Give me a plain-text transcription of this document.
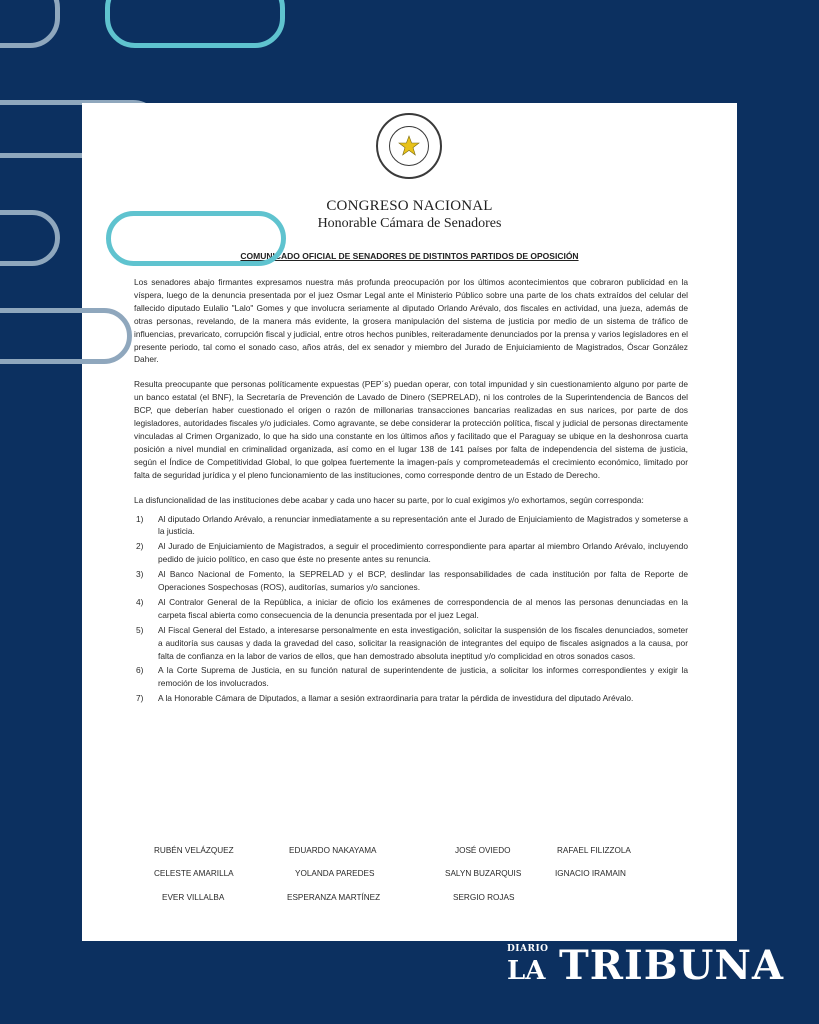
CONGRESO NACIONAL
Honorable Cámara de Senadores
COMUNICADO OFICIAL DE SENADORES DE DISTINTOS PARTIDOS DE OPOSICIÓN

Los senadores abajo firmantes expresamos nuestra más profunda preocupación por los últimos acontecimientos que cobraron publicidad en la víspera, luego de la denuncia presentada por el juez Osmar Legal ante el Ministerio Público sobre una parte de los chats extraídos del celular del fallecido diputado Eulalio "Lalo" Gomes y que involucra seriamente al diputado Orlando Arévalo, dos fiscales en actividad, una jueza, además de otras personas, revelando, de la manera más evidente, la grosera manipulación del sistema de justicia por medio de un sistema de tráfico de influencias, prevaricato, corrupción fiscal y judicial, entre otros hechos punibles, reiteradamente denunciados por la prensa y varios legisladores en el presente periodo, tal como el sonado caso, años atrás, del ex senador y miembro del Jurado de Enjuiciamiento de Magistrados, Óscar González Daher.

Resulta preocupante que personas políticamente expuestas (PEP´s) puedan operar, con total impunidad y sin cuestionamiento alguno por parte de un banco estatal (el BNF), la Secretaría de Prevención de Lavado de Dinero (SEPRELAD), ni los controles de la Superintendencia de Bancos del BCP, que deberían haber cuestionado el origen o razón de millonarias transacciones bancarias realizadas en sus narices, por parte de dos legisladores, autoridades fiscales y/o judiciales. Como agravante, se debe considerar la protección política, fiscal y judicial de personas directamente vinculadas al Crimen Organizado, lo que ha sido una constante en los últimos años y facilitado que el Paraguay se ubique en la deshonrosa cuarta posición a nivel mundial en criminalidad organizada, así como en el lugar 138 de 141 países por falta de independencia del sistema de justicia, según el Índice de Competitividad Global, lo que golpea fuertemente la imagen-país y comprometeademás el crecimiento económico, limitado por falta de seguridad jurídica y el pleno funcionamiento de las instituciones, como corresponde dentro de un Estado de Derecho.

La disfuncionalidad de las instituciones debe acabar y cada uno hacer su parte, por lo cual exigimos y/o exhortamos, según corresponda:

1) Al diputado Orlando Arévalo, a renunciar inmediatamente a su representación ante el Jurado de Enjuiciamiento de Magistrados y someterse a la justicia.
2) Al Jurado de Enjuiciamiento de Magistrados, a seguir el procedimiento correspondiente para apartar al miembro Orlando Arévalo, incluyendo pedido de juicio político, en caso que éste no presente antes su renuncia.
3) Al Banco Nacional de Fomento, la SEPRELAD y el BCP, deslindar las responsabilidades de cada institución por falta de Reporte de Operaciones Sospechosas (ROS), auditorías, sumarios y/o sanciones.
4) Al Contralor General de la República, a iniciar de oficio los exámenes de correspondencia de al menos las personas denunciadas en la carpeta fiscal abierta como consecuencia de la denuncia presentada por el juez Legal.
5) Al Fiscal General del Estado, a interesarse personalmente en esta investigación, solicitar la suspensión de los fiscales denunciados, someter a auditoría sus causas y dada la gravedad del caso, solicitar la reasignación de integrantes del equipo de fiscales asignados a la causa, por falta de confianza en la labor de varios de ellos, que han demostrado absoluta ineptitud y/o complicidad en otros sonados casos.
6) A la Corte Suprema de Justicia, en su función natural de superintendente de justicia, a solicitar los informes correspondientes y exigir la remoción de los involucrados.
7) A la Honorable Cámara de Diputados, a llamar a sesión extraordinaria para tratar la pérdida de investidura del diputado Arévalo.
RUBÉN VELÁZQUEZ	EDUARDO NAKAYAMA	JOSÉ OVIEDO	RAFAEL FILIZZOLA
CELESTE AMARILLA	YOLANDA PAREDES	SALYN BUZARQUIS	IGNACIO IRAMAIN
EVER VILLALBA	ESPERANZA MARTÍNEZ	SERGIO ROJAS
DIARIO
LA TRIBUNA
